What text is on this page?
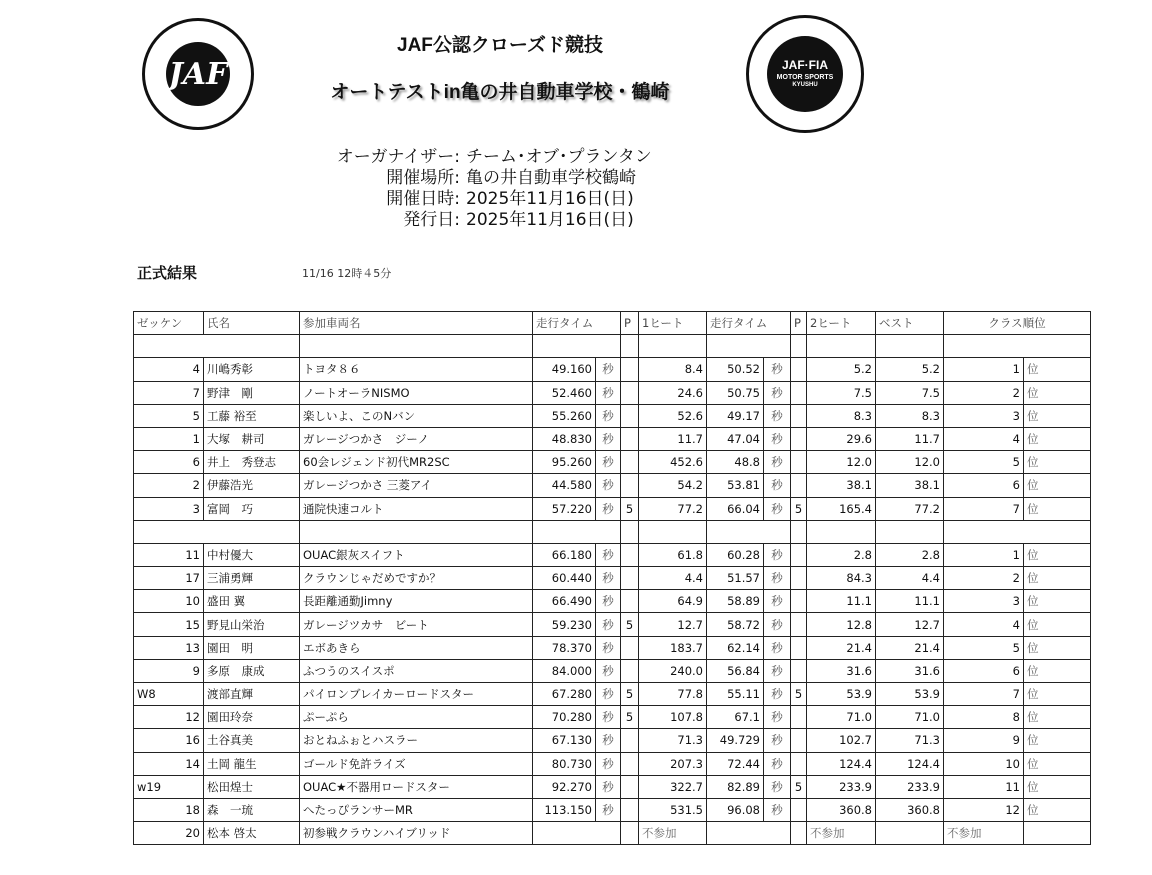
JAF
JAF公認クローズド競技
オートテストin亀の井自動車学校・鶴崎
JAF·FIA
MOTOR SPORTS
KYUSHU
オーガナイザー: チーム･オブ･プランタン
開催場所: 亀の井自動車学校鶴崎
開催日時: 2025年11月16日(日)
発行日: 2025年11月16日(日)
正式結果	11/16 12時４5分
ゼッケン	氏名	参加車両名	走行タイム		P	1ヒート	走行タイム		P	2ヒート	ベスト	クラス順位	

4	川嶋秀彰	トヨタ８６	49.160	秒		8.4	50.52	秒		5.2	5.2	1	位
7	野津　剛	ノートオーラNISMO	52.460	秒		24.6	50.75	秒		7.5	7.5	2	位
5	工藤 裕至	楽しいよ、このNバン	55.260	秒		52.6	49.17	秒		8.3	8.3	3	位
1	大塚　耕司	ガレージつかさ　ジーノ	48.830	秒		11.7	47.04	秒		29.6	11.7	4	位
6	井上　秀登志	60会レジェンド初代MR2SC	95.260	秒		452.6	48.8	秒		12.0	12.0	5	位
2	伊藤浩光	ガレージつかさ 三菱アイ	44.580	秒		54.2	53.81	秒		38.1	38.1	6	位
3	富岡　巧	通院快速コルト	57.220	秒	5	77.2	66.04	秒	5	165.4	77.2	7	位

11	中村優大	OUAC銀灰スイフト	66.180	秒		61.8	60.28	秒		2.8	2.8	1	位
17	三浦勇輝	クラウンじゃだめですか？	60.440	秒		4.4	51.57	秒		84.3	4.4	2	位
10	盛田 翼	長距離通勤Jimny	66.490	秒		64.9	58.89	秒		11.1	11.1	3	位
15	野見山栄治	ガレージツカサ　ビート	59.230	秒	5	12.7	58.72	秒		12.8	12.7	4	位
13	園田　明	エボあきら	78.370	秒		183.7	62.14	秒		21.4	21.4	5	位
9	多原　康成	ふつうのスイスポ	84.000	秒		240.0	56.84	秒		31.6	31.6	6	位
W8	渡部直輝	パイロンブレイカーロードスター	67.280	秒	5	77.8	55.11	秒	5	53.9	53.9	7	位
12	園田玲奈	ぷーぷら	70.280	秒	5	107.8	67.1	秒		71.0	71.0	8	位
16	土谷真美	おとねふぉとハスラー	67.130	秒		71.3	49.729	秒		102.7	71.3	9	位
14	土岡 龍生	ゴールド免許ライズ	80.730	秒		207.3	72.44	秒		124.4	124.4	10	位
w19	松田煌士	OUAC★不器用ロードスター	92.270	秒		322.7	82.89	秒	5	233.9	233.9	11	位
18	森　一琉	へたっぴランサーMR	113.150	秒		531.5	96.08	秒		360.8	360.8	12	位
20	松本 啓太	初参戦クラウンハイブリッド				不参加				不参加		不参加	
